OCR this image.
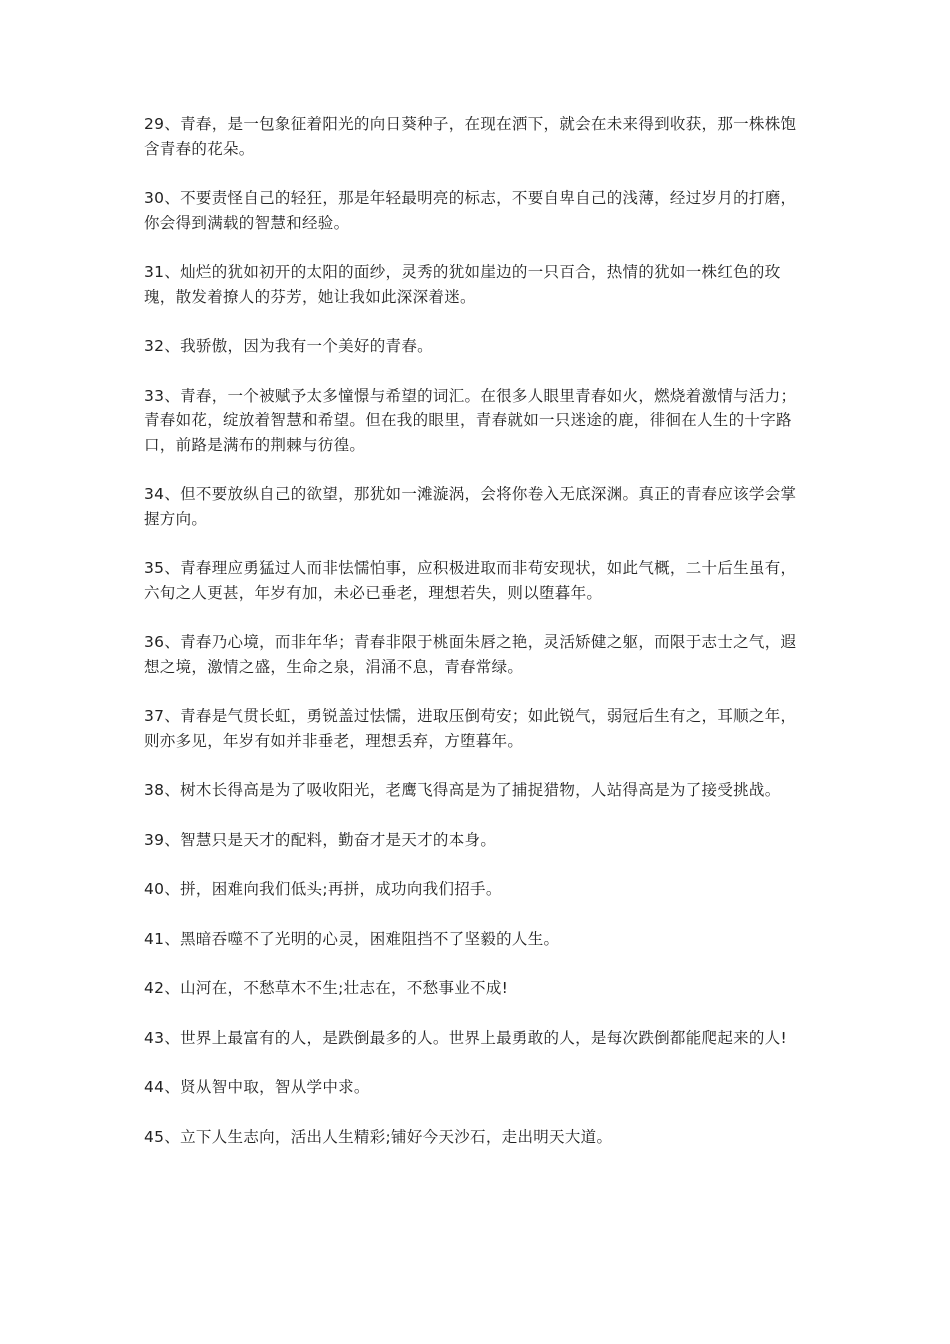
29、青春，是一包象征着阳光的向日葵种子，在现在洒下，就会在未来得到收获，那一株株饱含青春的花朵。

30、不要责怪自己的轻狂，那是年轻最明亮的标志，不要自卑自己的浅薄，经过岁月的打磨，你会得到满载的智慧和经验。

31、灿烂的犹如初开的太阳的面纱，灵秀的犹如崖边的一只百合，热情的犹如一株红色的玫瑰，散发着撩人的芬芳，她让我如此深深着迷。

32、我骄傲，因为我有一个美好的青春。

33、青春，一个被赋予太多憧憬与希望的词汇。在很多人眼里青春如火，燃烧着激情与活力；青春如花，绽放着智慧和希望。但在我的眼里，青春就如一只迷途的鹿，徘徊在人生的十字路口，前路是满布的荆棘与彷徨。

34、但不要放纵自己的欲望，那犹如一滩漩涡，会将你卷入无底深渊。真正的青春应该学会掌握方向。

35、青春理应勇猛过人而非怯懦怕事，应积极进取而非苟安现状，如此气概，二十后生虽有，六旬之人更甚，年岁有加，未必已垂老，理想若失，则以堕暮年。

36、青春乃心境，而非年华；青春非限于桃面朱唇之艳，灵活矫健之躯，而限于志士之气，遐想之境，激情之盛，生命之泉，涓涌不息，青春常绿。

37、青春是气贯长虹，勇锐盖过怯懦，进取压倒苟安；如此锐气，弱冠后生有之，耳顺之年，则亦多见，年岁有如并非垂老，理想丢弃，方堕暮年。

38、树木长得高是为了吸收阳光，老鹰飞得高是为了捕捉猎物，人站得高是为了接受挑战。

39、智慧只是天才的配料，勤奋才是天才的本身。

40、拼，困难向我们低头;再拼，成功向我们招手。

41、黑暗吞噬不了光明的心灵，困难阻挡不了坚毅的人生。

42、山河在，不愁草木不生;壮志在，不愁事业不成!

43、世界上最富有的人，是跌倒最多的人。世界上最勇敢的人，是每次跌倒都能爬起来的人!

44、贤从智中取，智从学中求。

45、立下人生志向，活出人生精彩;铺好今天沙石，走出明天大道。
